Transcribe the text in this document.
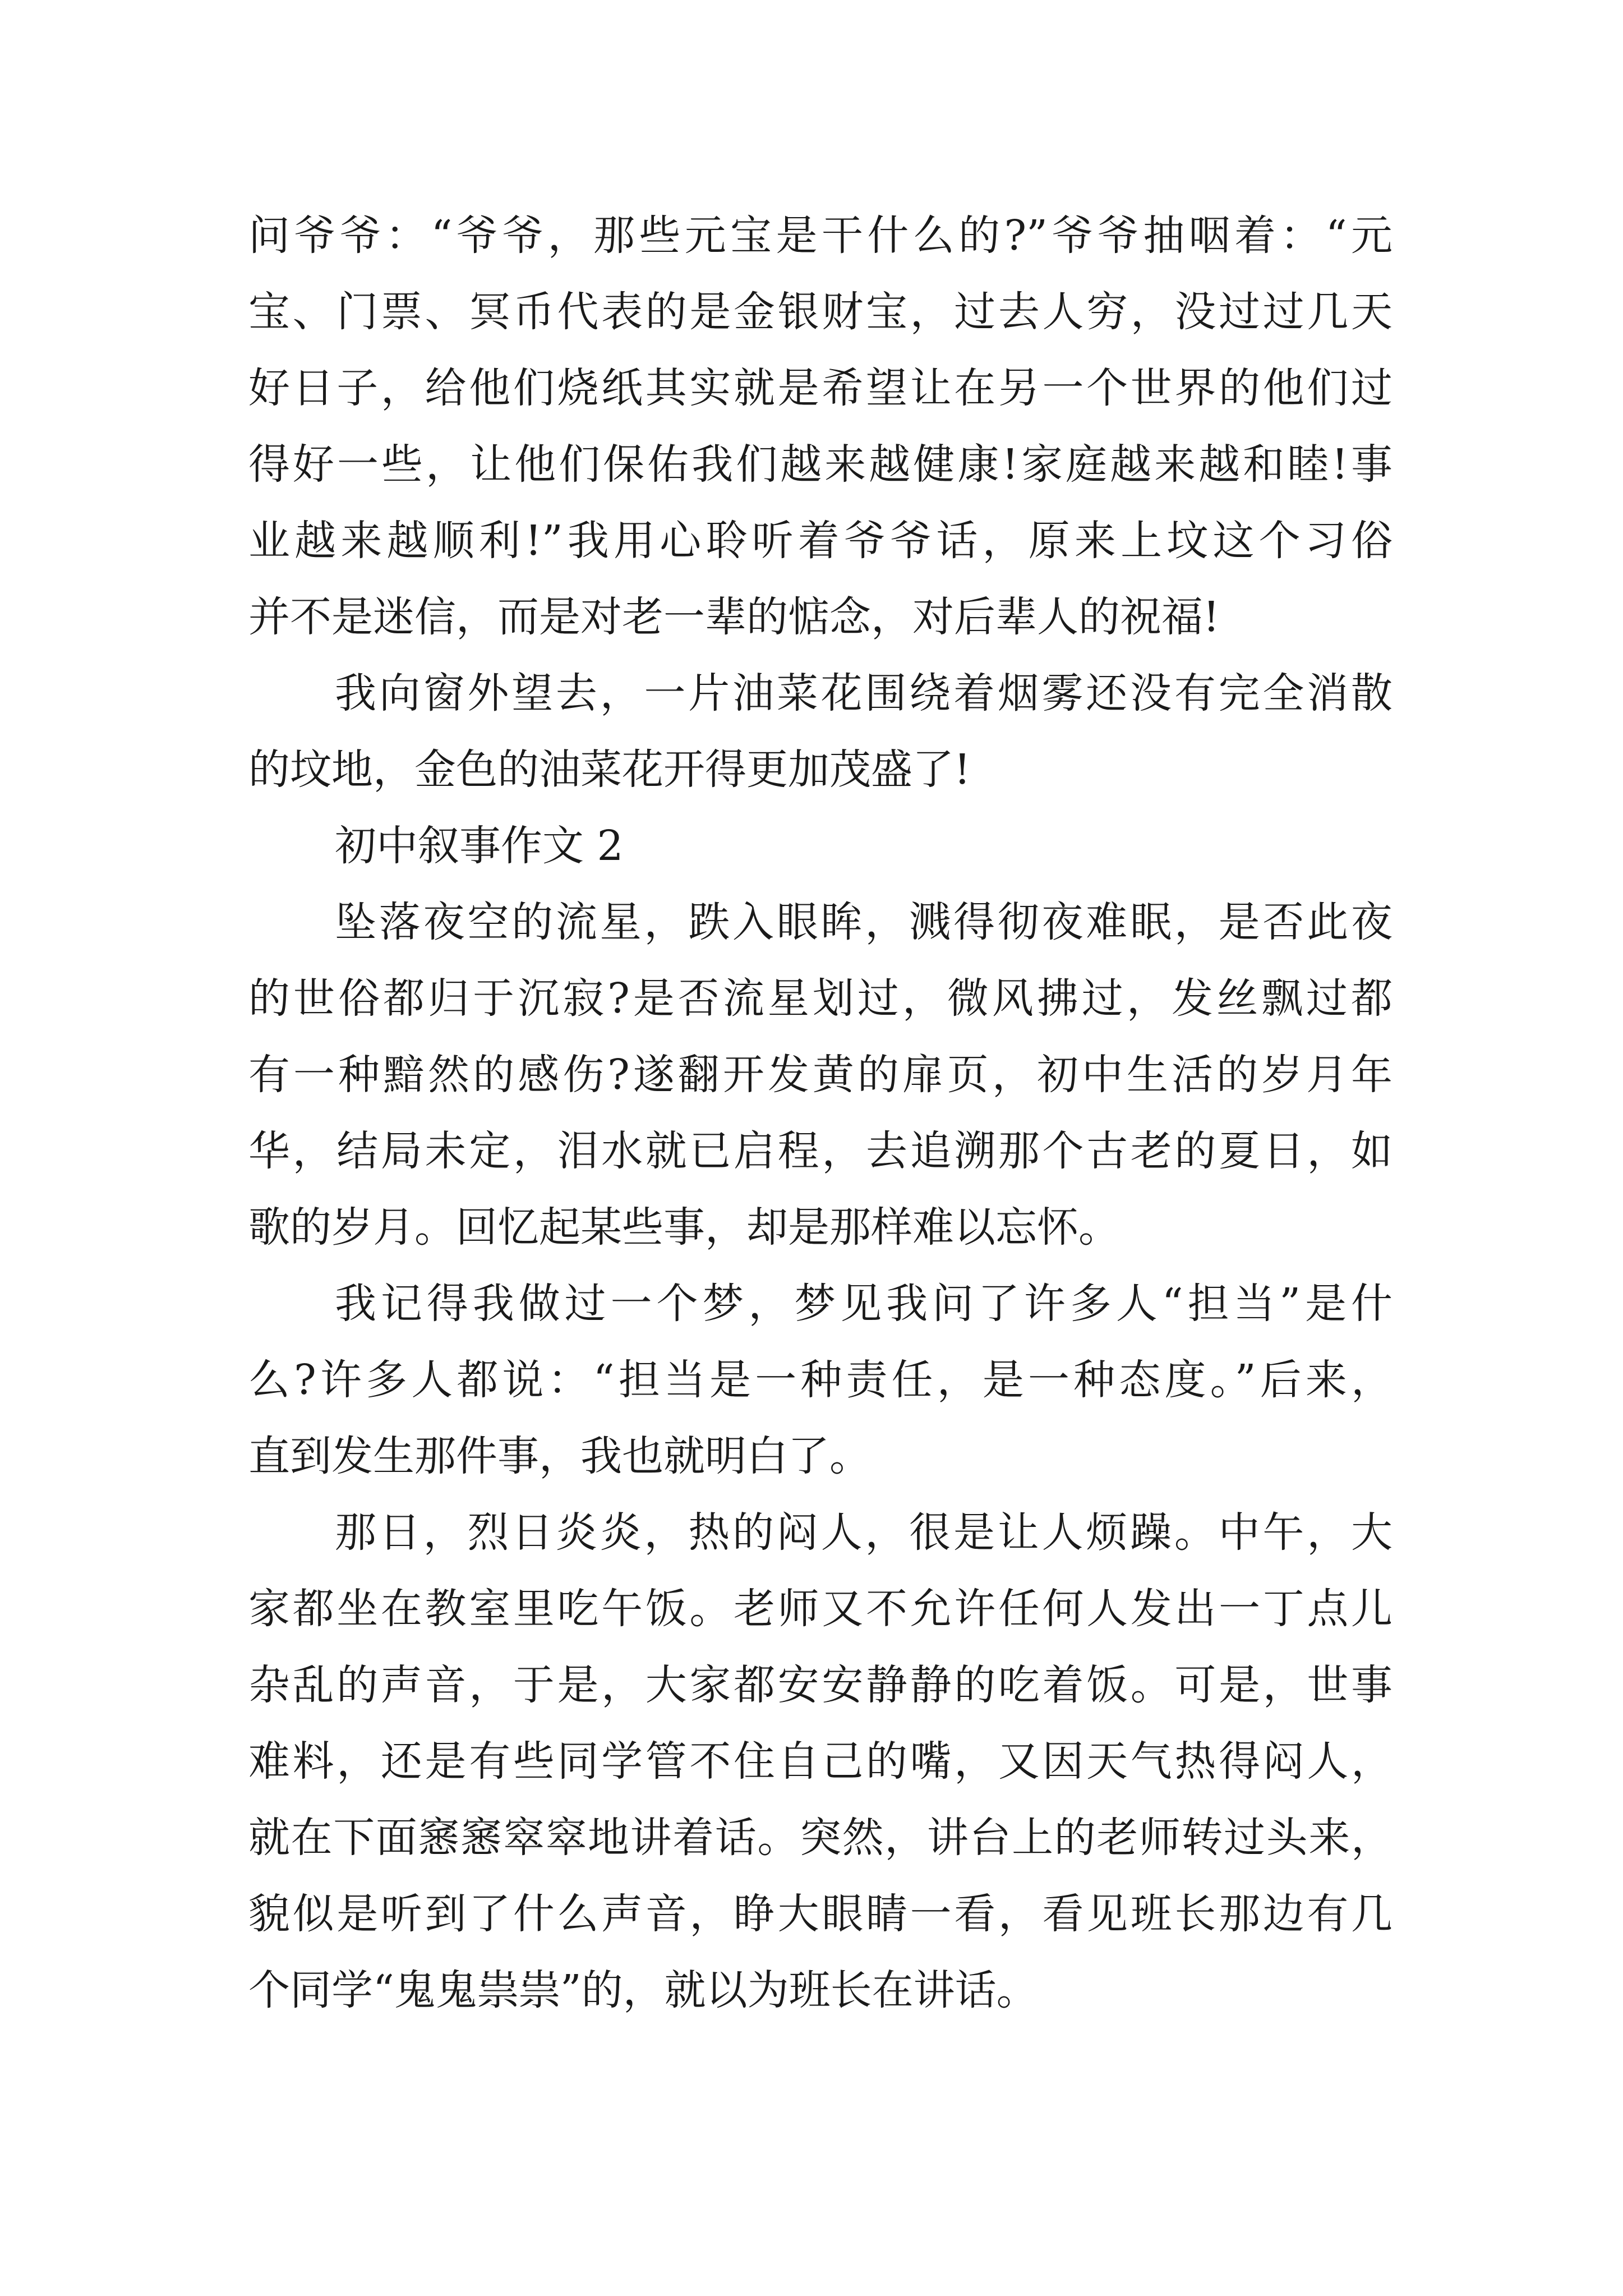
问爷爷：“爷爷，那些元宝是干什么的?”爷爷抽咽着：“元

宝、门票、冥币代表的是金银财宝，过去人穷，没过过几天

好日子，给他们烧纸其实就是希望让在另一个世界的他们过

得好一些，让他们保佑我们越来越健康!家庭越来越和睦!事

业越来越顺利!”我用心聆听着爷爷话，原来上坟这个习俗

并不是迷信，而是对老一辈的惦念，对后辈人的祝福!

我向窗外望去，一片油菜花围绕着烟雾还没有完全消散

的坟地，金色的油菜花开得更加茂盛了!

初中叙事作文 2

坠落夜空的流星，跌入眼眸，溅得彻夜难眠，是否此夜

的世俗都归于沉寂?是否流星划过，微风拂过，发丝飘过都

有一种黯然的感伤?遂翻开发黄的扉页，初中生活的岁月年

华，结局未定，泪水就已启程，去追溯那个古老的夏日，如

歌的岁月。回忆起某些事，却是那样难以忘怀。

我记得我做过一个梦，梦见我问了许多人“担当”是什

么?许多人都说：“担当是一种责任，是一种态度。”后来，

直到发生那件事，我也就明白了。

那日，烈日炎炎，热的闷人，很是让人烦躁。中午，大

家都坐在教室里吃午饭。老师又不允许任何人发出一丁点儿

杂乱的声音，于是，大家都安安静静的吃着饭。可是，世事

难料，还是有些同学管不住自己的嘴，又因天气热得闷人，

就在下面窸窸窣窣地讲着话。突然，讲台上的老师转过头来，

貌似是听到了什么声音，睁大眼睛一看，看见班长那边有几

个同学“鬼鬼祟祟”的，就以为班长在讲话。
